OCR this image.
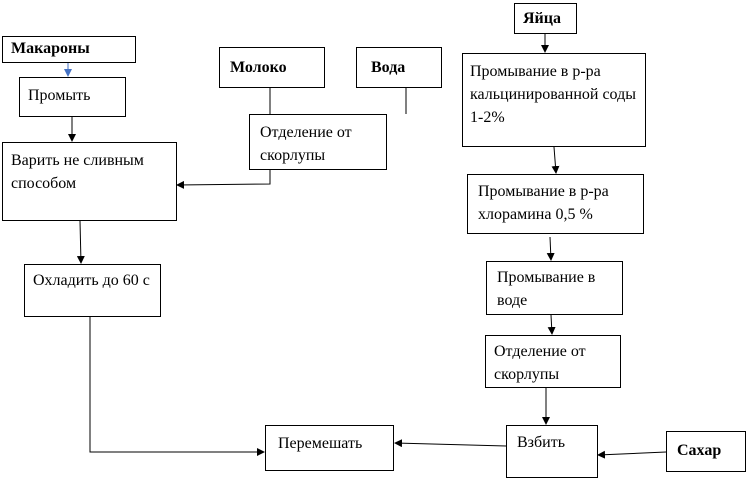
Макароны
Промыть
Варить не сливным способом
Охладить до 60 с
Молоко	Вода
Отделение от скорлупы
Яйца
Промывание в р-ра кальцинированной соды 1-2%
Промывание в р-ра хлорамина 0,5 %
Промывание в воде
Отделение от скорлупы
Взбить	Сахар
Перемешать
